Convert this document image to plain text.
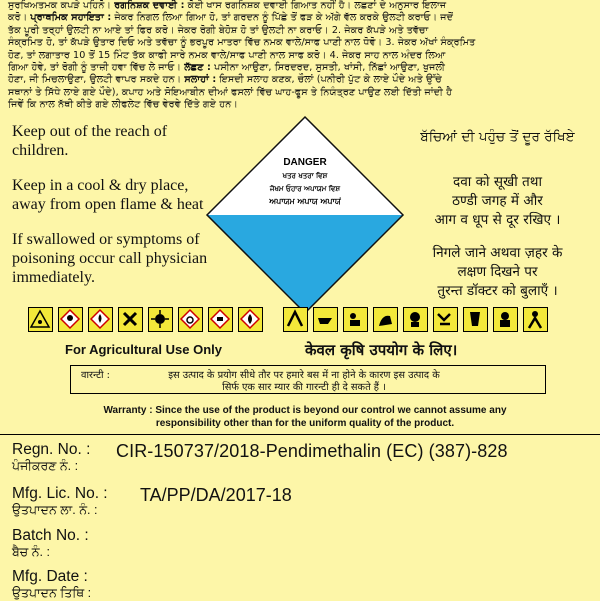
ਸੁਰਖਿਅਤਮਕ ਕਪੜੇ ਪਹਿਨੋ। ਰਗਨਿਸ਼ਕ ਦਵਾਈ : ਕੋਈ ਖਾਸ ਰਗਨਿਸ਼ਕ ਦਵਾਈ ਗਿਆਤ ਨਹੀਂ ਹੈ। ਲਛਣਾਂ ਦੇ ਅਨੁਸਾਰ ਇਲਾਜ
ਕਰੋ। ਪ੍ਰਾਥਮਿਕ ਸਹਾਇਤਾ : ਜੇਕਰ ਨਿਗਲ ਲਿਆ ਗਿਆ ਹੋ, ਤਾਂ ਗਰਦਨ ਨੂੰ ਪਿੱਛੇ ਤੋਂ ਫੜ ਕੇ ਅੱਗੇ ਵੱਲ ਕਰਕੇ ਉਲਟੀ ਕਰਾਓ। ਜਦੋਂ
ਤੱਕ ਪੂਰੀ ਤਰ੍ਹਾਂ ਉਲਟੀ ਨਾ ਆਏ ਤਾਂ ਫਿਰ ਕਰੋ। ਜੇਕਰ ਰੋਗੀ ਬੇਹੋਸ਼ ਹੋ ਤਾਂ ਉਲਟੀ ਨਾ ਕਰਾਓ। 2. ਜੇਕਰ ਕੱਪੜੇ ਅਤੇ ਤਵੱਚਾ
ਸੰਕ੍ਰਮਿਤ ਹੋ, ਤਾਂ ਕੱਪੜੇ ਉਤਾਰ ਦਿਓ ਅਤੇ ਤਵੱਚਾ ਨੂੰ ਭਰਪੂਰ ਮਾਤਰਾ ਵਿੱਚ ਨਮਕ ਵਾਲੇ/ਸਾਫ ਪਾਣੀ ਨਾਲ ਧੋਵੋ। 3. ਜੇਕਰ ਅੱਖਾਂ ਸੰਕ੍ਰਮਿਤ
ਹੋਣ, ਤਾਂ ਲਗਾਤਾਰ 10 ਤੋਂ 15 ਮਿੰਟ ਤੱਕ ਕਾਫੀ ਸਾਰੇ ਨਮਕ ਵਾਲੇ/ਸਾਫ ਪਾਣੀ ਨਾਲ ਸਾਫ ਕਰੋ। 4. ਜੇਕਰ ਸਾਹ ਨਾਲ ਅੰਦਰ ਲਿਆ
ਗਿਆ ਹੋਵੇ, ਤਾਂ ਰੋਗੀ ਨੂੰ ਤਾਜ਼ੀ ਹਵਾ ਵਿੱਚ ਲੇ ਜਾਓ। ਲੱਛਣ : ਪਸੀਨਾ ਆਉਣਾ, ਸਿਰਦਰਦ, ਸੁਸਤੀ, ਖਾਂਸੀ, ਨਿੱਛਾਂ ਆਉਣਾ, ਖੁਜਲੀ
ਹੋਣਾ, ਜੀ ਮਿਚਲਾਉਣਾ, ਉਲਟੀ ਵਾਪਰ ਸਕਦੇ ਹਨ। ਸਲਾਹਾਂ : ਇਸਦੀ ਸਲਾਹ ਕਣਕ, ਚੌਲਾਂ (ਪਨੀਰੀ ਪੁੱਟ ਕੇ ਲਾਏ ਪੌਦੇ ਅਤੇ ਉੱਚੇ
ਸਥਾਨਾਂ ਤੇ ਸਿੱਧੇ ਲਾਏ ਗਏ ਪੌਦੇ), ਕਪਾਹ ਅਤੇ ਸੋਇਆਬੀਨ ਦੀਆਂ ਫਸਲਾਂ ਵਿੱਚ ਘਾਹ-ਫੂਸ ਤੇ ਨਿਯੰਤ੍ਰਣ ਪਾਉਣ ਲਈ ਦਿੱਤੀ ਜਾਂਦੀ ਹੈ
ਜਿਵੇਂ ਕਿ ਨਾਲ ਨੱਥੀ ਕੀਤੇ ਗਏ ਲੀਫਲੇਟ ਵਿੱਚ ਵੇਰਵੇ ਦਿੱਤੇ ਗਏ ਹਨ।

Keep out of the reach of children.

Keep in a cool & dry place, away from open flame & heat

If swallowed or symptoms of poisoning occur call physician immediately.

DANGER
ਖਤਰ ਖਤਰਾ ਵਿਸ਼
ਜੋਖਮ ਓਹਾਰ ਅਪਾਯਮ ਵਿਸ਼
ਅਪਾਯਮ ਅਪਾਯ ਅਪਾਯਂ

ਬੱਚਿਆਂ ਦੀ ਪਹੁੰਚ ਤੋਂ ਦੂਰ ਰੱਖਿਏ

दवा को सूखी तथा
ठण्डी जगह में और
आग व धूप से दूर रखिए ।

निगले जाने अथवा ज़हर के
लक्षण दिखने पर
तुरन्त डॉक्टर को बुलाएँ ।

For Agricultural Use Only	केवल कृषि उपयोग के लिए।
वारन्टी :	इस उत्पाद के प्रयोग सीधे तौर पर हमारे बस में ना होने के कारण इस उत्पाद के
सिर्फ एक सार म्यार की गारन्टी ही दे सकते हैं ।
Warranty : Since the use of the product is beyond our control we cannot assume any
responsibility other than for the uniform quality of the product.
Regn. No. :
ਪੰਜੀਕਰਣ ਨੰ. :
CIR-150737/2018-Pendimethalin (EC) (387)-828
Mfg. Lic. No. :
ਉਤਪਾਦਨ ਲਾ. ਨੰ. :
TA/PP/DA/2017-18
Batch No. :
ਬੈਚ ਨੰ. :
Mfg. Date :
ਉਤਪਾਦਨ ਤਿਥਿ :
